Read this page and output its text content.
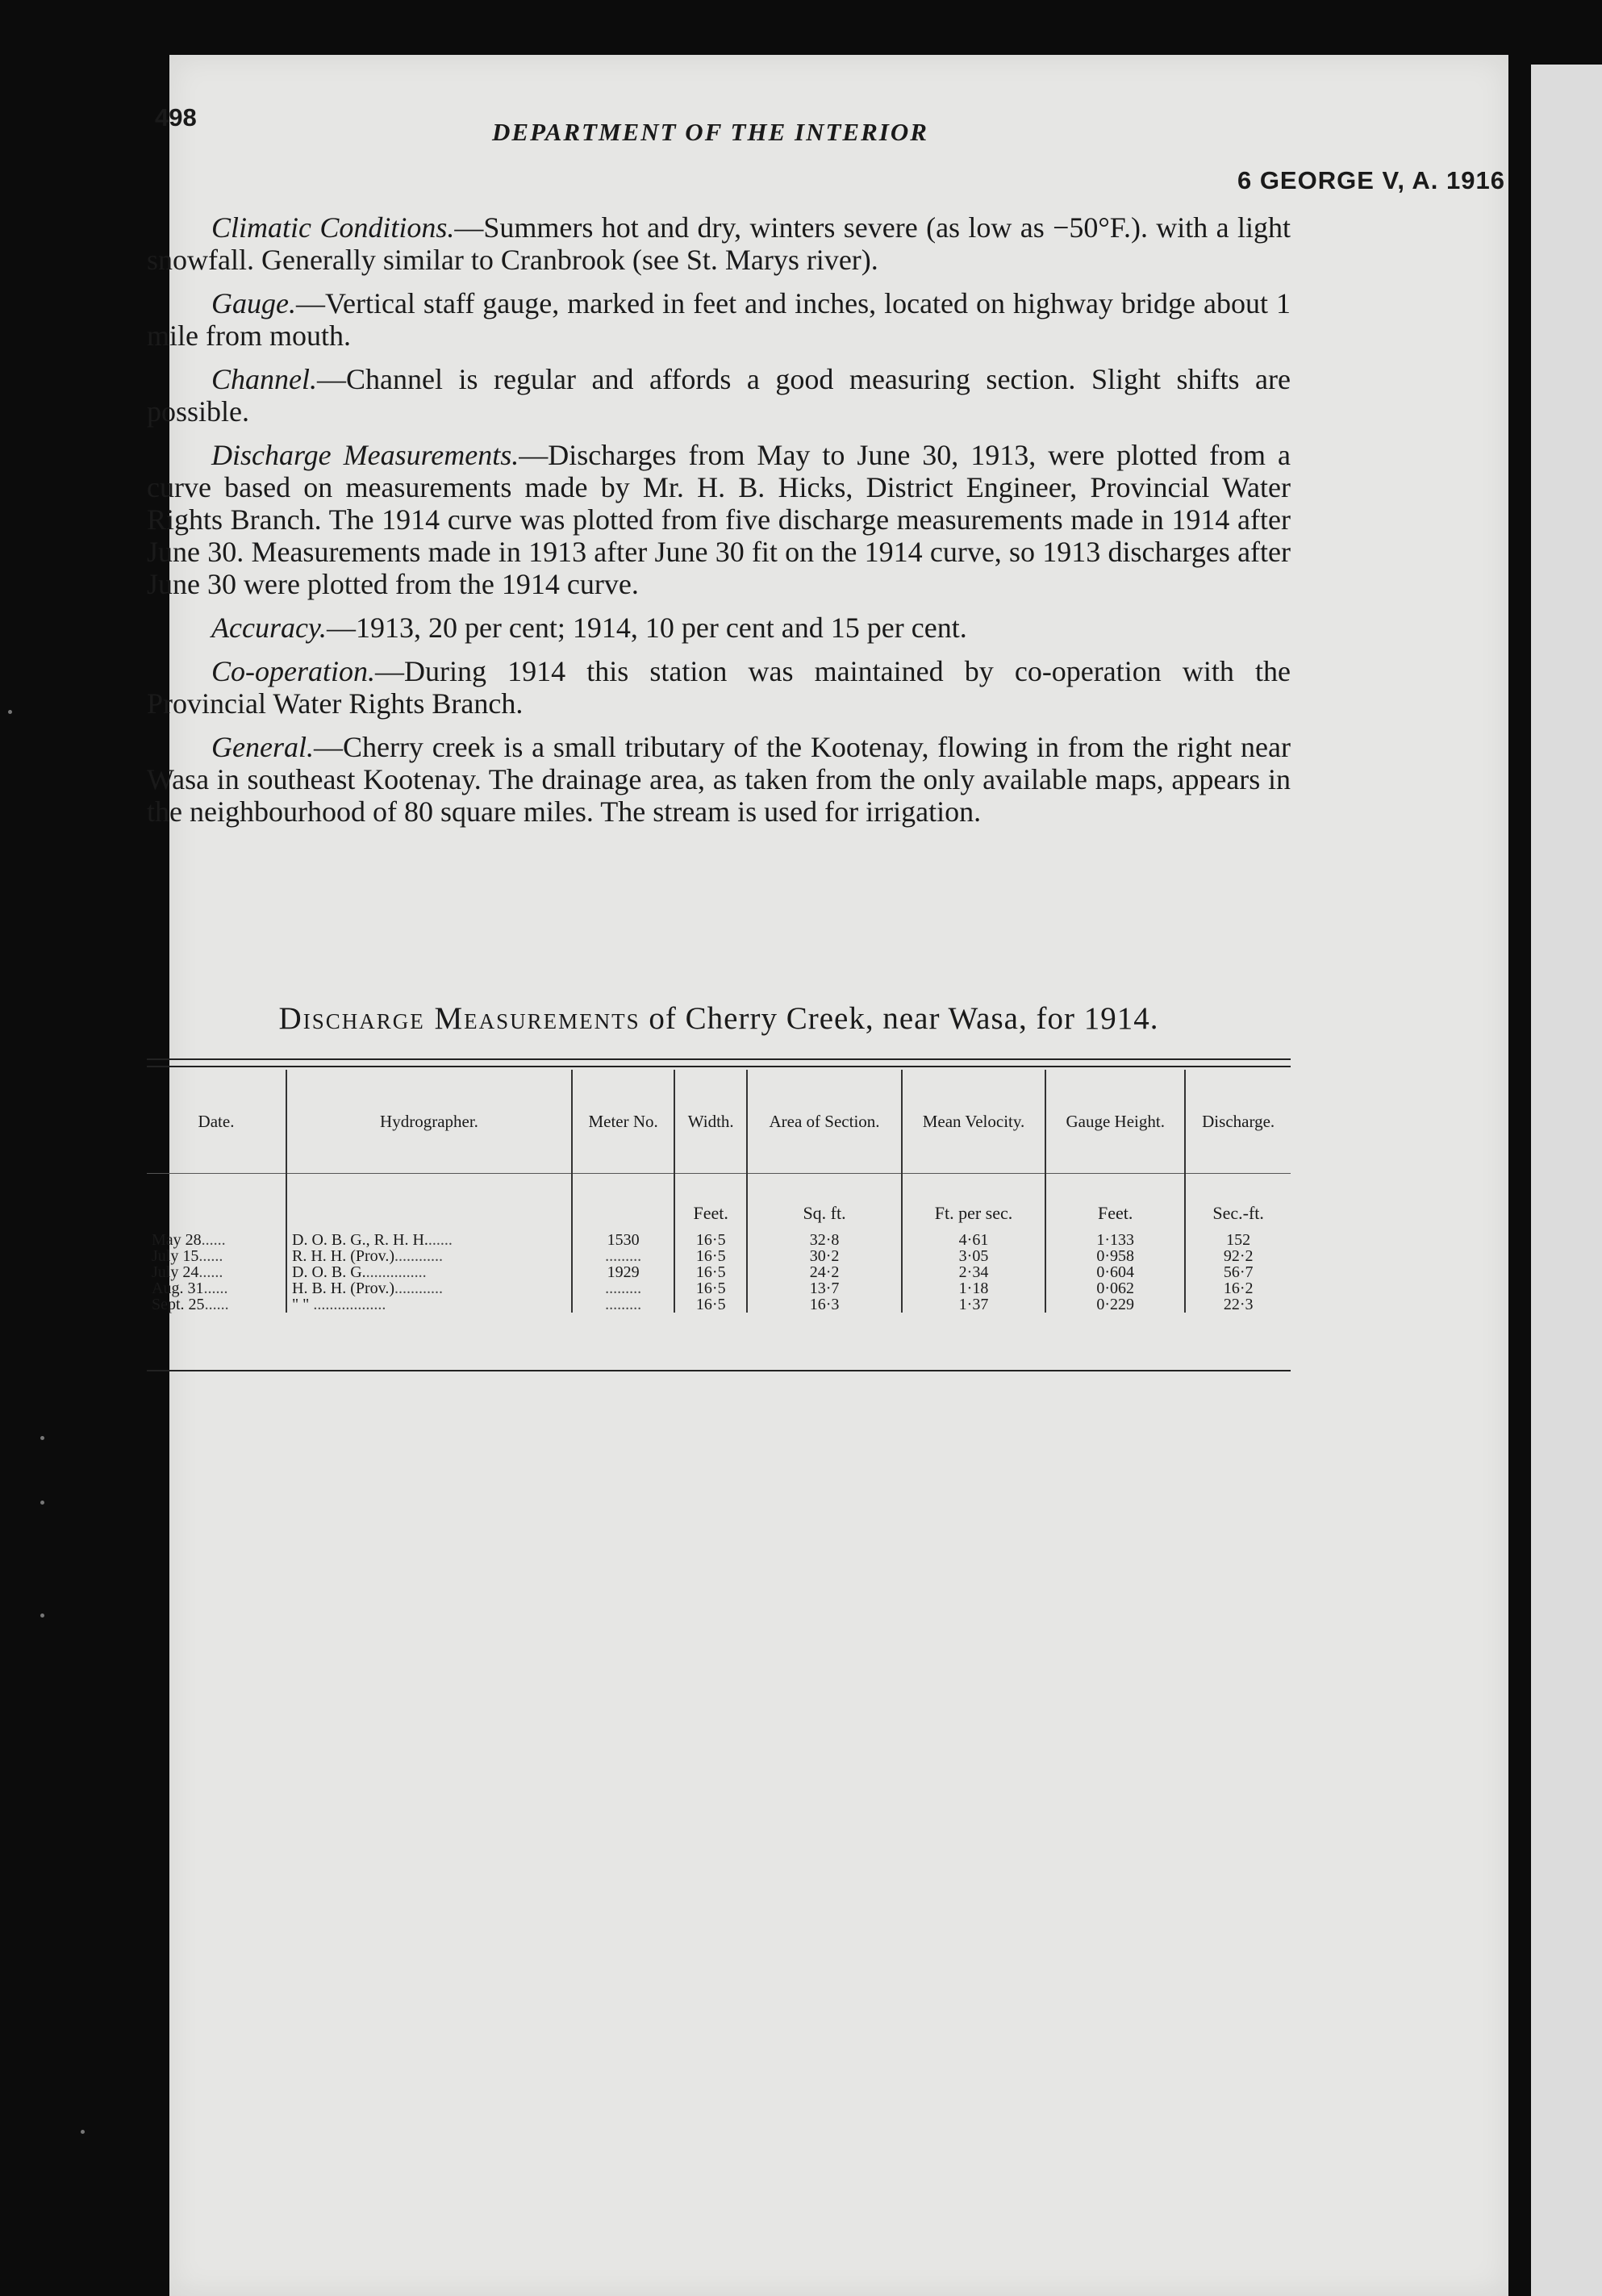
498
DEPARTMENT OF THE INTERIOR
6 GEORGE V, A. 1916

Climatic Conditions.—Summers hot and dry, winters severe (as low as −50°F.). with a light snowfall. Generally similar to Cranbrook (see St. Marys river).

Gauge.—Vertical staff gauge, marked in feet and inches, located on highway bridge about 1 mile from mouth.

Channel.—Channel is regular and affords a good measuring section. Slight shifts are possible.

Discharge Measurements.—Discharges from May to June 30, 1913, were plotted from a curve based on measurements made by Mr. H. B. Hicks, District Engineer, Provincial Water Rights Branch. The 1914 curve was plotted from five discharge measurements made in 1914 after June 30. Measurements made in 1913 after June 30 fit on the 1914 curve, so 1913 discharges after June 30 were plotted from the 1914 curve.

Accuracy.—1913, 20 per cent; 1914, 10 per cent and 15 per cent.

Co-operation.—During 1914 this station was maintained by co-operation with the Provincial Water Rights Branch.

General.—Cherry creek is a small tributary of the Kootenay, flowing in from the right near Wasa in southeast Kootenay. The drainage area, as taken from the only available maps, appears in the neighbourhood of 80 square miles. The stream is used for irrigation.

Discharge Measurements of Cherry Creek, near Wasa, for 1914.
Date.	Hydrographer.	Meter No.	Width.	Area of Section.	Mean Velocity.	Gauge Height.	Discharge.
			Feet.	Sq. ft.	Ft. per sec.	Feet.	Sec.-ft.
May 28......	D. O. B. G., R. H. H.......	1530	16·5	32·8	4·61	1·133	152
July 15......	R. H. H. (Prov.)............	.........	16·5	30·2	3·05	0·958	92·2
July 24......	D. O. B. G................	1929	16·5	24·2	2·34	0·604	56·7
Aug. 31......	H. B. H. (Prov.)............	.........	16·5	13·7	1·18	0·062	16·2
Sept. 25......	" " ..................	.........	16·5	16·3	1·37	0·229	22·3
